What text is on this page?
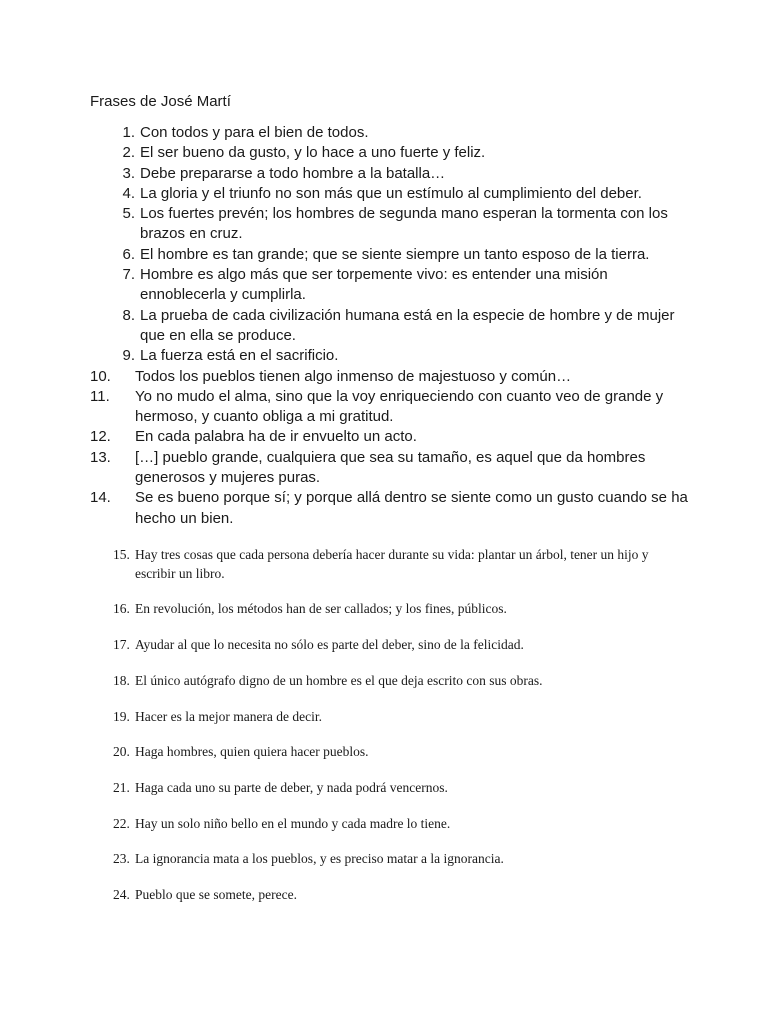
Frases de José Martí
1. Con todos y para el bien de todos.
2. El ser bueno da gusto, y lo hace a uno fuerte y feliz.
3. Debe prepararse a todo hombre a la batalla…
4. La gloria y el triunfo no son más que un estímulo al cumplimiento del deber.
5. Los fuertes prevén; los hombres de segunda mano esperan la tormenta con los brazos en cruz.
6. El hombre es tan grande; que se siente siempre un tanto esposo de la tierra.
7. Hombre es algo más que ser torpemente vivo: es entender una misión ennoblecerla y cumplirla.
8. La prueba de cada civilización humana está en la especie de hombre y de mujer que en ella se produce.
9. La fuerza está en el sacrificio.
10.	Todos los pueblos tienen algo inmenso de majestuoso y común…
11.	Yo no mudo el alma, sino que la voy enriqueciendo con cuanto veo de grande y hermoso, y cuanto obliga a mi gratitud.
12.	En cada palabra ha de ir envuelto un acto.
13.	[…] pueblo grande, cualquiera que sea su tamaño, es aquel que da hombres generosos y mujeres puras.
14.	Se es bueno porque sí; y porque allá dentro se siente como un gusto cuando se ha hecho un bien.
15. Hay tres cosas que cada persona debería hacer durante su vida: plantar un árbol, tener un hijo y escribir un libro.
16. En revolución, los métodos han de ser callados; y los fines, públicos.
17. Ayudar al que lo necesita no sólo es parte del deber, sino de la felicidad.
18. El único autógrafo digno de un hombre es el que deja escrito con sus obras.
19. Hacer es la mejor manera de decir.
20. Haga hombres, quien quiera hacer pueblos.
21. Haga cada uno su parte de deber, y nada podrá vencernos.
22. Hay un solo niño bello en el mundo y cada madre lo tiene.
23. La ignorancia mata a los pueblos, y es preciso matar a la ignorancia.
24. Pueblo que se somete, perece.
